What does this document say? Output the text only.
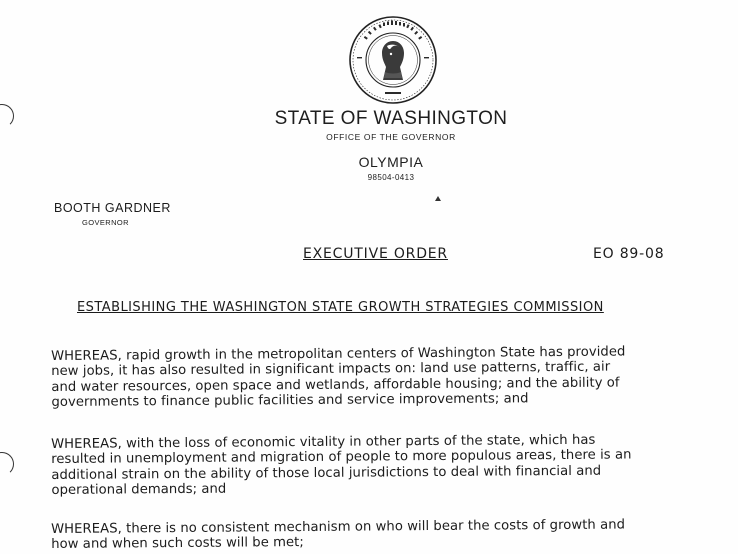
STATE OF WASHINGTON
OFFICE OF THE GOVERNOR
OLYMPIA
98504-0413
BOOTH GARDNER
GOVERNOR
EXECUTIVE ORDER	EO 89-08
ESTABLISHING THE WASHINGTON STATE GROWTH STRATEGIES COMMISSION
WHEREAS, rapid growth in the metropolitan centers of Washington State has provided
new jobs, it has also resulted in significant impacts on: land use patterns, traffic, air
and water resources, open space and wetlands, affordable housing; and the ability of
governments to finance public facilities and service improvements; and
WHEREAS, with the loss of economic vitality in other parts of the state, which has
resulted in unemployment and migration of people to more populous areas, there is an
additional strain on the ability of those local jurisdictions to deal with financial and
operational demands; and
WHEREAS, there is no consistent mechanism on who will bear the costs of growth and
how and when such costs will be met;
